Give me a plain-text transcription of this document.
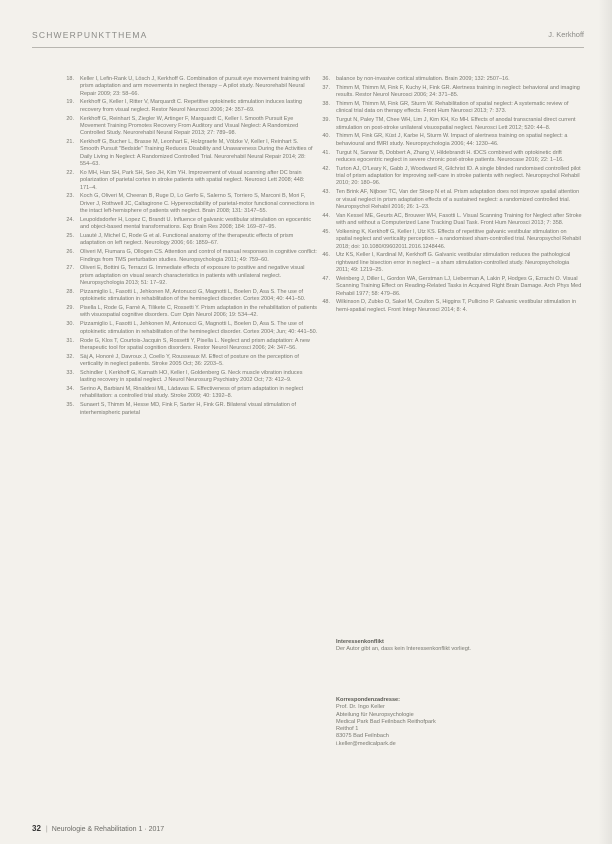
SCHWERPUNKTTHEMA	J. Kerkhoff
18. Keller I, Lefin-Rank U, Lösch J, Kerkhoff G. Combination of pursuit eye movement training with prism adaptation and arm movements in neglect therapy – A pilot study. Neurorehabil Neural Repair 2009; 23: 58–66.
19. Kerkhoff G, Keller I, Ritter V, Marquardt C. Repetitive optokinetic stimulation induces lasting recovery from visual neglect. Restor Neurol Neurosci 2006; 24: 357–69.
20. Kerkhoff G, Reinhart S, Ziegler W, Artinger F, Marquardt C, Keller I. Smooth Pursuit Eye Movement Training Promotes Recovery From Auditory and Visual Neglect: A Randomized Controlled Study. Neurorehabil Neural Repair 2013; 27: 789–98.
21. Kerkhoff G, Bucher L, Brasse M, Leonhart E, Holzgraefe M, Völzke V, Keller I, Reinhart S. Smooth Pursuit "Bedside" Training Reduces Disability and Unawareness During the Activities of Daily Living in Neglect: A Randomized Controlled Trial. Neurorehabil Neural Repair 2014; 28: 554–63.
22. Ko MH, Han SH, Park SH, Seo JH, Kim YH. Improvement of visual scanning after DC brain polarization of parietal cortex in stroke patients with spatial neglect. Neurosci Lett 2008; 448: 171–4.
23. Koch G, Oliveri M, Cheeran B, Ruge D, Lo Gerfo E, Salerno S, Torriero S, Marconi B, Mori F, Driver J, Rothwell JC, Caltagirone C. Hyperexcitability of parietal-motor functional connections in the intact left-hemisphere of patients with neglect. Brain 2008; 131: 3147–55.
24. Leupoldsdorfer H, Lopez C, Brandt U. Influence of galvanic vestibular stimulation on egocentric and object-based mental transformations. Exp Brain Res 2008; 184: 169–87–95.
25. Luauté J, Michel C, Rode G et al. Functional anatomy of the therapeutic effects of prism adaptation on left neglect. Neurology 2006; 66: 1859–67.
26. Oliveri M, Fiumara G, Ollogen CS. Attention and control of manual responses in cognitive conflict: Findings from TMS perturbation studies. Neuropsychologia 2011; 49: 759–60.
27. Oliveri E, Bottini G, Terrazzi G. Immediate effects of exposure to positive and negative visual prism adaptation on visual search characteristics in patients with unilateral neglect. Neuropsychologia 2013; 51: 17–92.
28. Pizzamiglio L, Fasotti L, Jehkonen M, Antonucci G, Magnotti L, Boelen D, Asa S. The use of optokinetic stimulation in rehabilitation of the hemineglect disorder. Cortex 2004; 40: 441–50.
29. Pisella L, Rode G, Farnè A, Tilikete C, Rossetti Y. Prism adaptation in the rehabilitation of patients with visuospatial cognitive disorders. Curr Opin Neurol 2006; 19: 534–42.
30. Pizzamiglio L, Fasotti L, Jehkonen M, Antonucci G, Magnotti L, Boelen D, Asa S. The use of optokinetic stimulation in rehabilitation of the hemineglect disorder. Cortex 2004; Jun; 40: 441–50.
31. Rode G, Klos T, Courtois-Jacquin S, Rossetti Y, Pisella L. Neglect and prism adaptation: A new therapeutic tool for spatial cognition disorders. Restor Neurol Neurosci 2006; 24: 347–56.
32. Sàj A, Honoré J, Davroux J, Coello Y, Rousseaux M. Effect of posture on the perception of verticality in neglect patients. Stroke 2005 Oct; 36: 2203–5.
33. Schindler I, Kerkhoff G, Karnath HO, Keller I, Goldenberg G. Neck muscle vibration induces lasting recovery in spatial neglect. J Neurol Neurosurg Psychiatry 2002 Oct; 73: 412–9.
34. Serino A, Barbiani M, Rinaldesi ML, Làdavas E. Effectiveness of prism adaptation in neglect rehabilitation: a controlled trial study. Stroke 2009; 40: 1392–8.
35. Sunaert S, Thimm M, Hesse MD, Fink F, Sarter H, Fink GR. Bilateral visual stimulation of interhemispheric parietal
36. balance by non-invasive cortical stimulation. Brain 2009; 132: 2507–16.
37. Thimm M, Thimm M, Fink F, Kuchy H, Fink GR. Alertness training in neglect: behavioral and imaging results. Restor Neurol Neurosci 2006; 24: 371–85.
38. Thimm M, Thimm M, Fink GR, Sturm W. Rehabilitation of spatial neglect: A systematic review of clinical trial data on therapy effects. Front Hum Neurosci 2013; 7: 373.
39. Turgut N, Paley TM, Chee WH, Lim J, Kim KH, Ko MH. Effects of anodal transcranial direct current stimulation on post-stroke unilateral visuospatial neglect. Neurosci Lett 2012; 520: 44–8.
40. Thimm M, Fink GR, Küst J, Karbe H, Sturm W. Impact of alertness training on spatial neglect: a behavioural and fMRI study. Neuropsychologia 2006; 44: 1230–46.
41. Turgut N, Sarwar B, Dobbert A, Zhang V, Hildebrandt H. tDCS combined with optokinetic drift reduces egocentric neglect in severe chronic post-stroke patients. Neurocase 2016; 22: 1–16.
42. Turton AJ, O'Leary K, Gabb J, Woodward R, Gilchrist ID. A single blinded randomised controlled pilot trial of prism adaptation for improving self-care in stroke patients with neglect. Neuropsychol Rehabil 2010; 20: 180–96.
43. Ten Brink AF, Nijboer TC, Van der Stoep N et al. Prism adaptation does not improve spatial attention or visual neglect in prism adaptation effects of a sustained neglect: a randomized controlled trial. Neuropsychol Rehabil 2016; 26: 1–23.
44. Van Kessel ME, Geurts AC, Brouwer WH, Fasotti L. Visual Scanning Training for Neglect after Stroke with and without a Computerized Lane Tracking Dual Task. Front Hum Neurosci 2013; 7: 358.
45. Volkening K, Kerkhoff G, Keller I, Utz KS. Effects of repetitive galvanic vestibular stimulation on spatial neglect and verticality perception – a randomised sham-controlled trial. Neuropsychol Rehabil 2018; doi: 10.1080/09602011.2016.1248446.
46. Utz KS, Keller I, Kardinal M, Kerkhoff G. Galvanic vestibular stimulation reduces the pathological rightward line bisection error in neglect – a sham stimulation-controlled study. Neuropsychologia 2011; 49: 1219–25.
47. Weinberg J, Diller L, Gordon WA, Gerstman LJ, Lieberman A, Lakin P, Hodges G, Ezrachi O. Visual Scanning Training Effect on Reading-Related Tasks in Acquired Right Brain Damage. Arch Phys Med Rehabil 1977; 58: 479–86.
48. Wilkinson D, Zubko O, Sakel M, Coulton S, Higgins T, Pullicino P. Galvanic vestibular stimulation in hemi-spatial neglect. Front Integr Neurosci 2014; 8: 4.
Interessenkonflikt
Der Autor gibt an, dass kein Interessenkonflikt vorliegt.
Korrespondenzadresse:
Prof. Dr. Ingo Keller
Abteilung für Neuropsychologie
Medical Park Bad Feilnbach Reithofpark
Reithof 1
83075 Bad Feilnbach
i.keller@medicalpark.de
32 | Neurologie & Rehabilitation 1 · 2017
